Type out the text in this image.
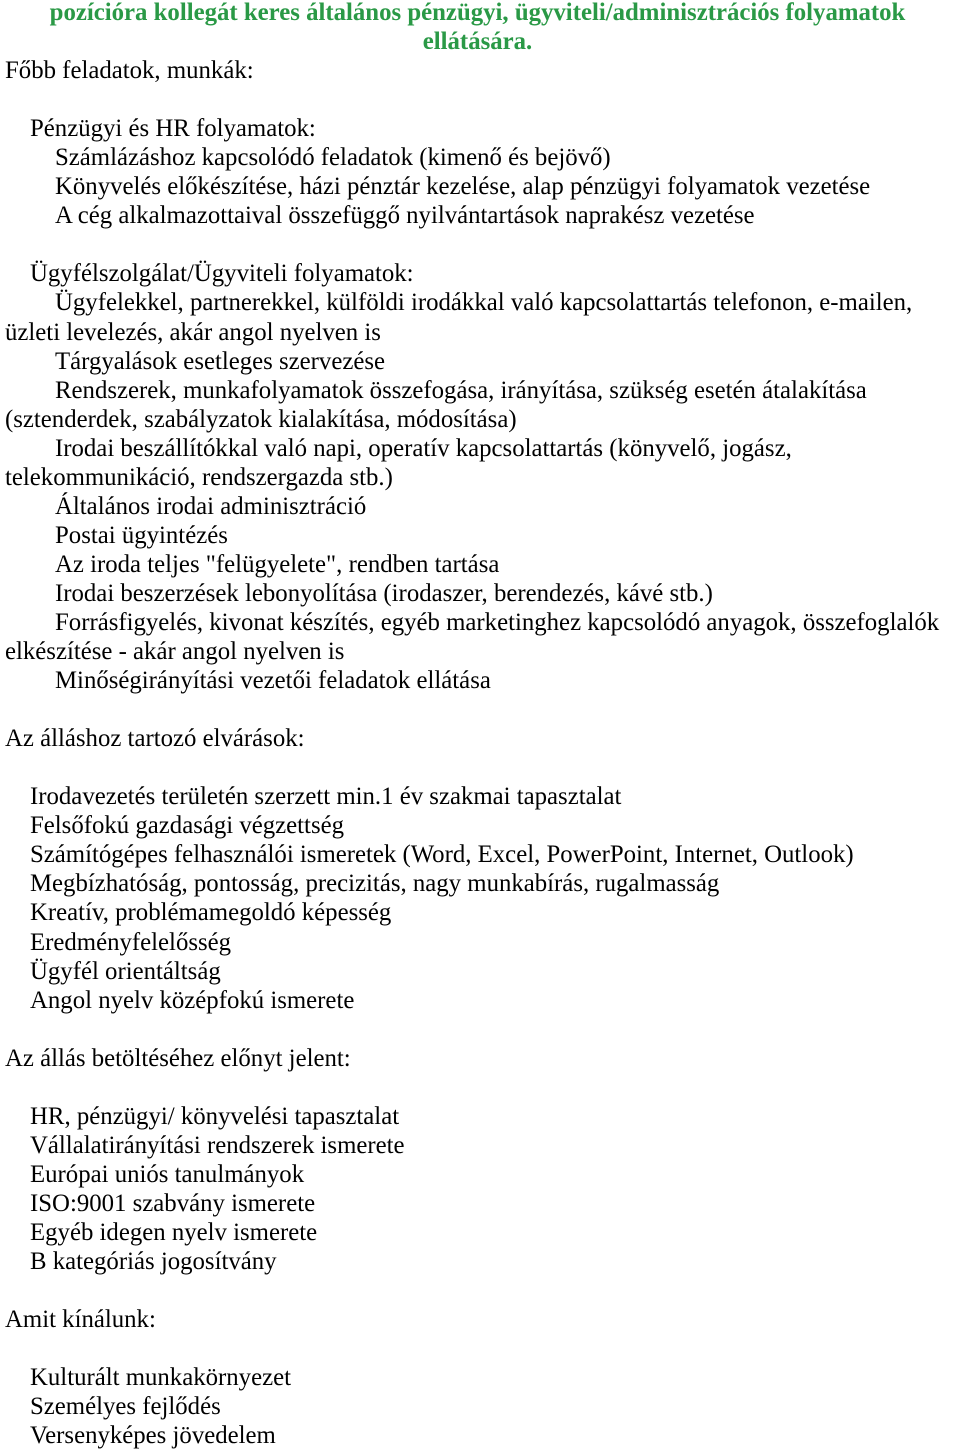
pozícióra kollegát keres általános pénzügyi, ügyviteli/adminisztrációs folyamatok
ellátására.
Főbb feladatok, munkák:
Pénzügyi és HR folyamatok:
Számlázáshoz kapcsolódó feladatok (kimenő és bejövő)
Könyvelés előkészítése, házi pénztár kezelése, alap pénzügyi folyamatok vezetése
A cég alkalmazottaival összefüggő nyilvántartások naprakész vezetése
Ügyfélszolgálat/Ügyviteli folyamatok:
Ügyfelekkel, partnerekkel, külföldi irodákkal való kapcsolattartás telefonon, e-mailen,
üzleti levelezés, akár angol nyelven is
Tárgyalások esetleges szervezése
Rendszerek, munkafolyamatok összefogása, irányítása, szükség esetén átalakítása
(sztenderdek, szabályzatok kialakítása, módosítása)
Irodai beszállítókkal való napi, operatív kapcsolattartás (könyvelő, jogász,
telekommunikáció, rendszergazda stb.)
Általános irodai adminisztráció
Postai ügyintézés
Az iroda teljes "felügyelete", rendben tartása
Irodai beszerzések lebonyolítása (irodaszer, berendezés, kávé stb.)
Forrásfigyelés, kivonat készítés, egyéb marketinghez kapcsolódó anyagok, összefoglalók
elkészítése - akár angol nyelven is
Minőségirányítási vezetői feladatok ellátása
Az álláshoz tartozó elvárások:
Irodavezetés területén szerzett min.1 év szakmai tapasztalat
Felsőfokú gazdasági végzettség
Számítógépes felhasználói ismeretek (Word, Excel, PowerPoint, Internet, Outlook)
Megbízhatóság, pontosság, precizitás, nagy munkabírás, rugalmasság
Kreatív, problémamegoldó képesség
Eredményfelelősség
Ügyfél orientáltság
Angol nyelv középfokú ismerete
Az állás betöltéséhez előnyt jelent:
HR, pénzügyi/ könyvelési tapasztalat
Vállalatirányítási rendszerek ismerete
Európai uniós tanulmányok
ISO:9001 szabvány ismerete
Egyéb idegen nyelv ismerete
B kategóriás jogosítvány
Amit kínálunk:
Kulturált munkakörnyezet
Személyes fejlődés
Versenyképes jövedelem
